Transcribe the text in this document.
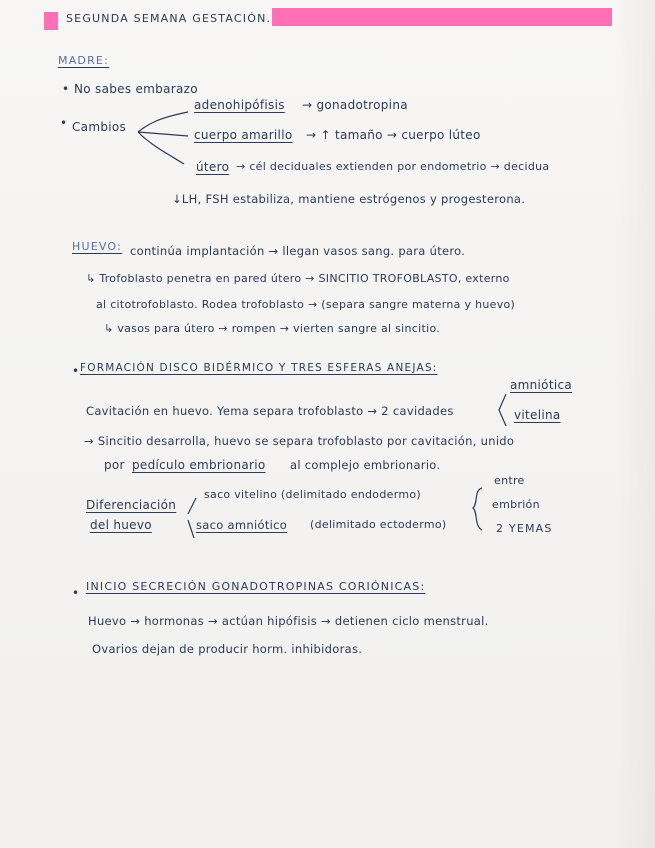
SEGUNDA SEMANA GESTACIÓN.
MADRE:
• No sabes embarazo
• Cambios
adenohipófisis → gonadotropina
cuerpo amarillo → ↑ tamaño → cuerpo lúteo
útero → cél deciduales extienden por endometrio → decidua
↓LH, FSH estabiliza, mantiene estrógenos y progesterona.
HUEVO: continúa implantación → llegan vasos sang. para útero.
↳ Trofoblasto penetra en pared útero → SINCITIO TROFOBLASTO, externo
al citotrofoblasto. Rodea trofoblasto → (separa sangre materna y huevo)
↳ vasos para útero → rompen → vierten sangre al sincitio.
• FORMACIÓN DISCO BIDÉRMICO Y TRES ESFERAS ANEJAS:
Cavitación en huevo. Yema separa trofoblasto → 2 cavidades
amniótica
vitelina
→ Sincitio desarrolla, huevo se separa trofoblasto por cavitación, unido
por pedículo embrionario al complejo embrionario.
Diferenciación
del huevo
saco vitelino (delimitado endodermo)
saco amniótico (delimitado ectodermo)
entre
embrión
2 YEMAS
• INICIO SECRECIÓN GONADOTROPINAS CORIÓNICAS:
Huevo → hormonas → actúan hipófisis → detienen ciclo menstrual.
Ovarios dejan de producir horm. inhibidoras.
